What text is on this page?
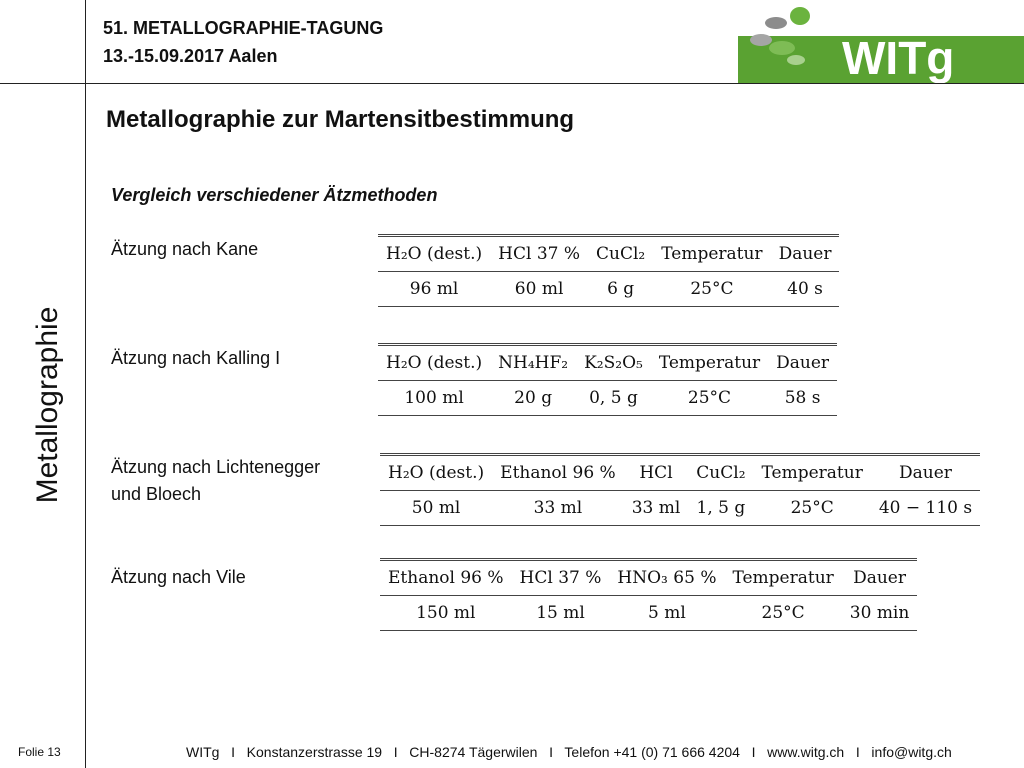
51. METALLOGRAPHIE-TAGUNG
13.-15.09.2017 Aalen	WITg
Metallographie
Metallographie zur Martensitbestimmung
Vergleich verschiedener Ätzmethoden
Ätzung nach Kane	H₂O (dest.)	HCl 37 %	CuCl₂	Temperatur	Dauer
96 ml	60 ml	6 g	25°C	40 s
Ätzung nach Kalling I	H₂O (dest.)	NH₄HF₂	K₂S₂O₅	Temperatur	Dauer
100 ml	20 g	0, 5 g	25°C	58 s
Ätzung nach Lichtenegger
und Bloech
H₂O (dest.)	Ethanol 96 %	HCl	CuCl₂	Temperatur	Dauer
50 ml	33 ml	33 ml	1, 5 g	25°C	40 − 110 s
Ätzung nach Vile	Ethanol 96 %	HCl 37 %	HNO₃ 65 %	Temperatur	Dauer
150 ml	15 ml	5 ml	25°C	30 min
Folie 13	WITg   I   Konstanzerstrasse 19   I   CH-8274 Tägerwilen   I   Telefon +41 (0) 71 666 4204   I   www.witg.ch   I   info@witg.ch
